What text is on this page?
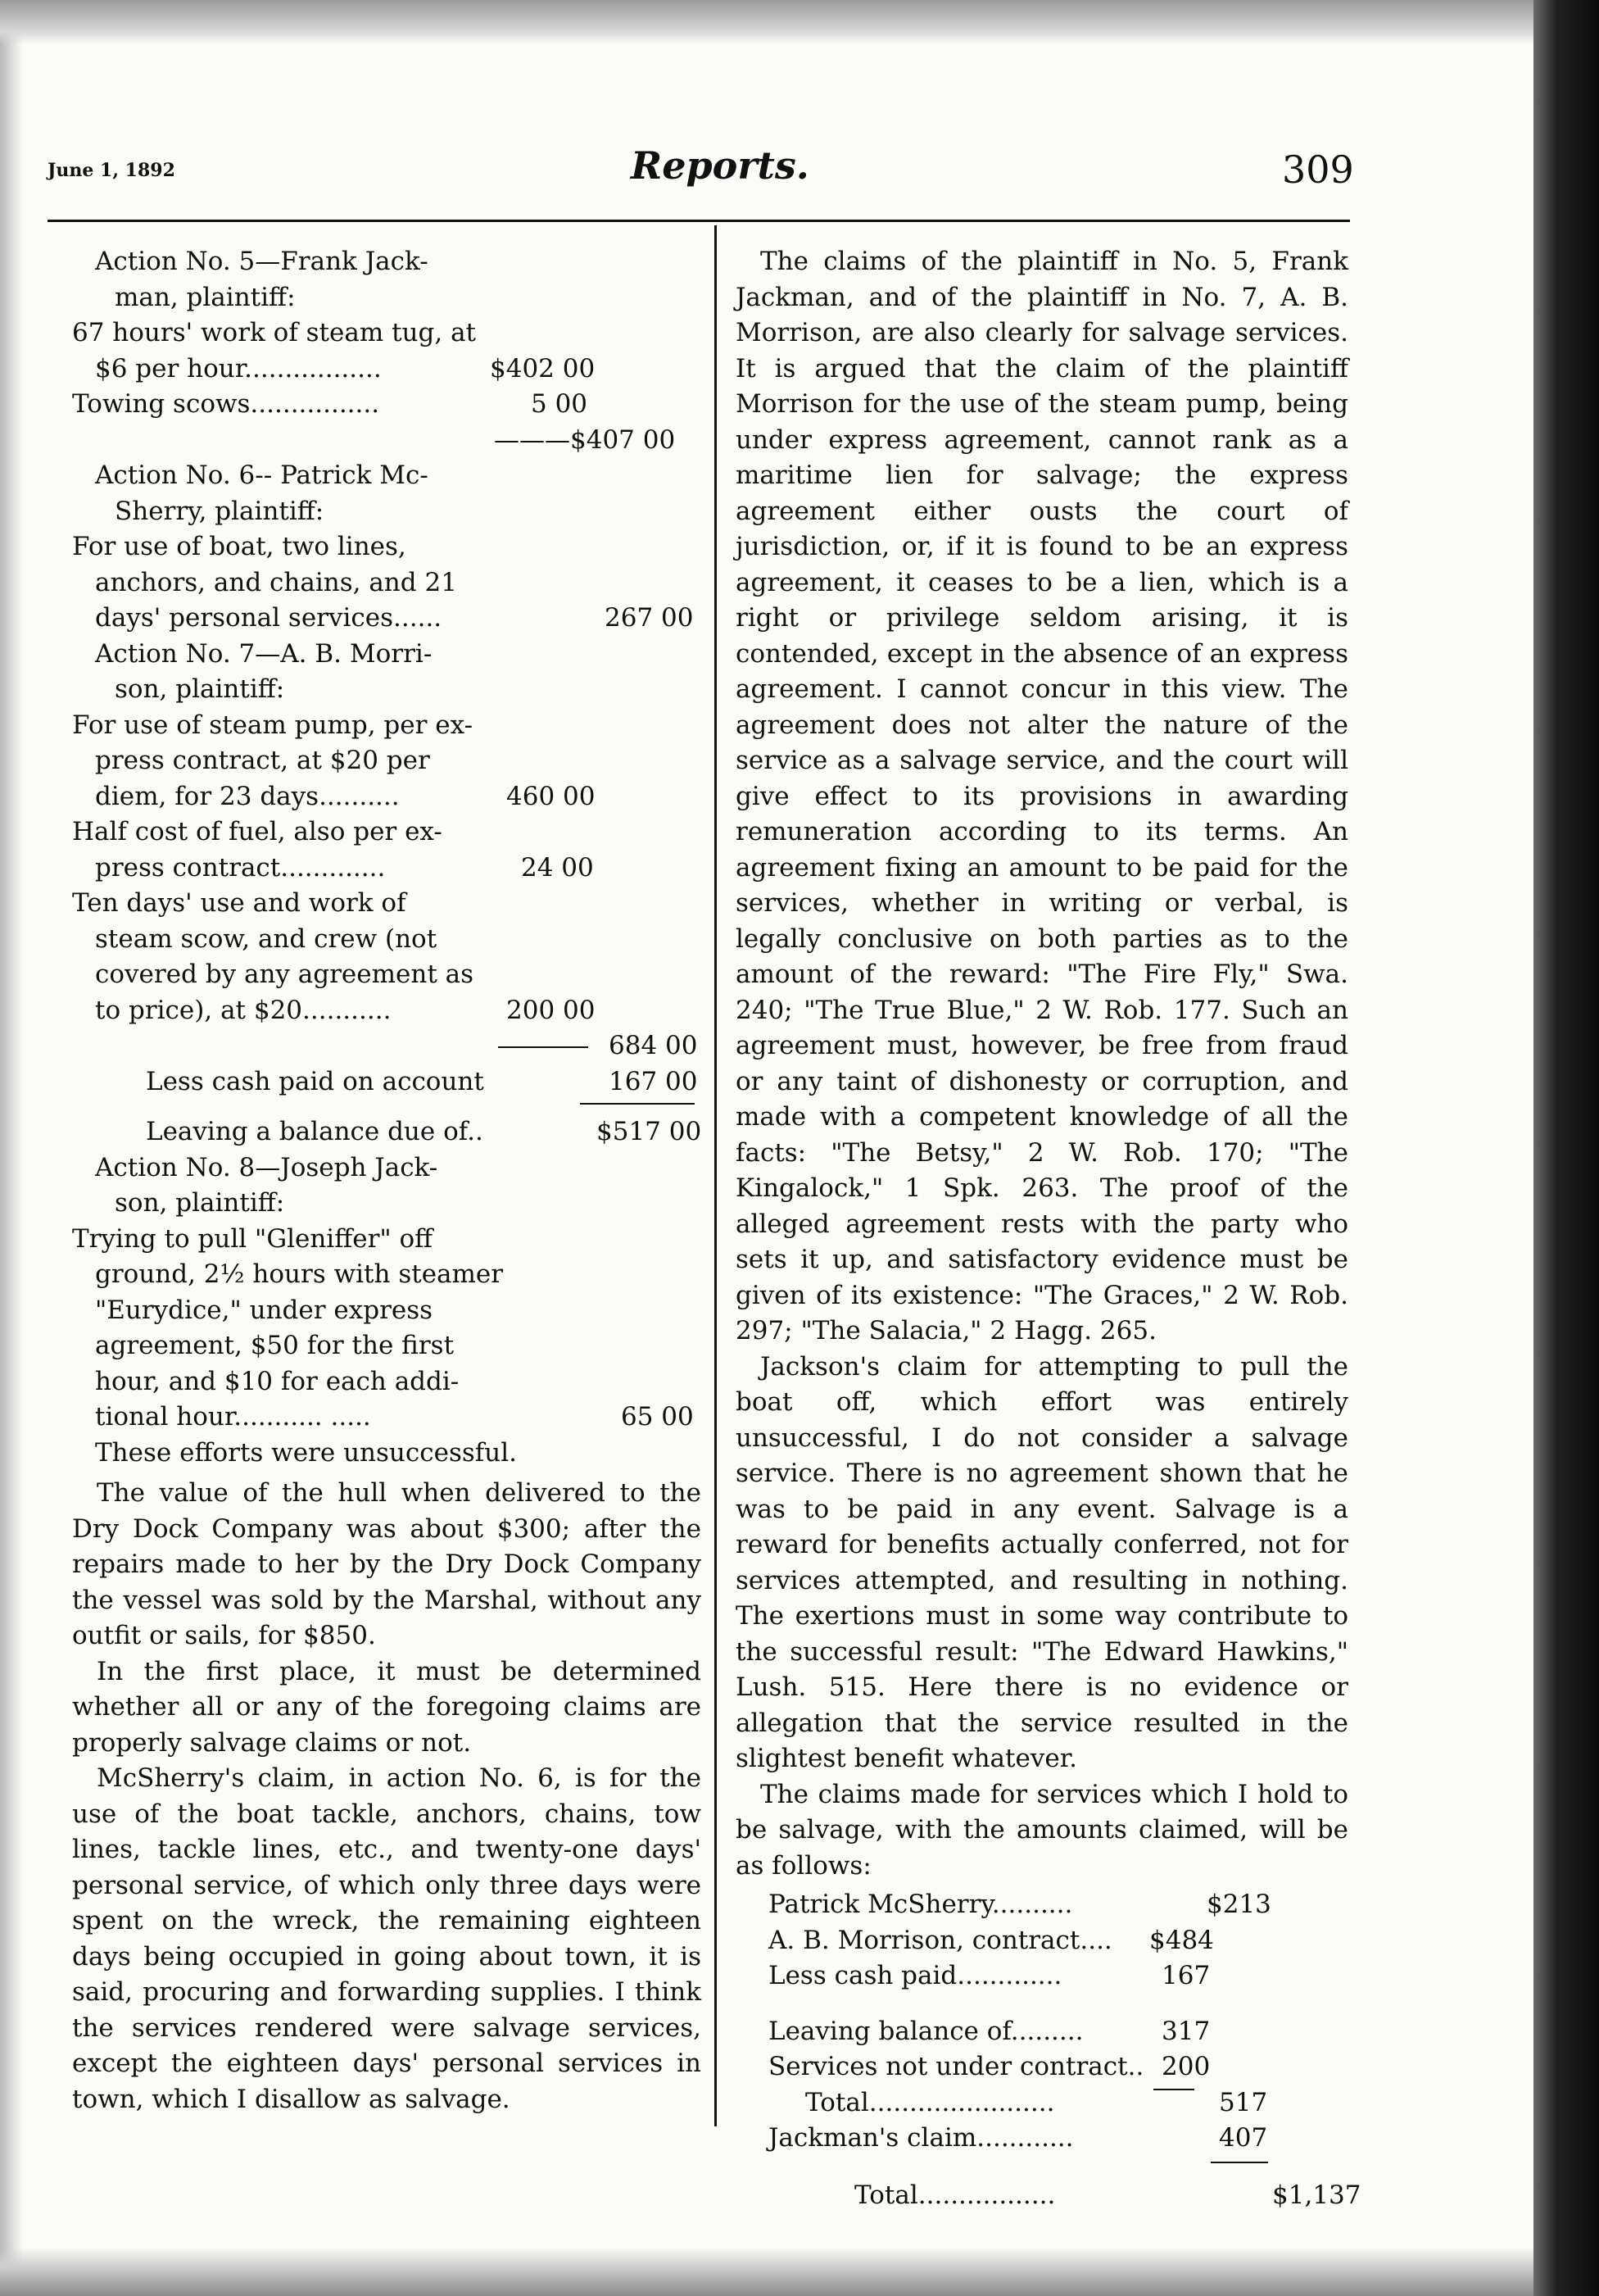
June 1, 1892	Reports.	309
Action No. 5—Frank Jack-
man, plaintiff:
67 hours' work of steam tug, at
$6 per hour.................	$402 00
Towing scows................	5 00
———$407 00
Action No. 6-- Patrick Mc-
Sherry, plaintiff:
For use of boat, two lines,
anchors, and chains, and 21
days' personal services......	267 00
Action No. 7—A. B. Morri-
son, plaintiff:
For use of steam pump, per ex-
press contract, at $20 per
diem, for 23 days..........	460 00
Half cost of fuel, also per ex-
press contract.............	24 00
Ten days' use and work of
steam scow, and crew (not
covered by any agreement as
to price), at $20...........	200 00
684 00
Less cash paid on account	167 00
Leaving a balance due of..	$517 00
Action No. 8—Joseph Jack-
son, plaintiff:
Trying to pull "Gleniffer" off
ground, 2½ hours with steamer
"Eurydice," under express
agreement, $50 for the first
hour, and $10 for each addi-
tional hour........... .....	65 00
These efforts were unsuccessful.

The value of the hull when delivered to the Dry Dock Company was about $300; after the repairs made to her by the Dry Dock Company the vessel was sold by the Marshal, without any outfit or sails, for $850.

In the first place, it must be determined whether all or any of the foregoing claims are properly salvage claims or not.

McSherry's claim, in action No. 6, is for the use of the boat tackle, anchors, chains, tow lines, tackle lines, etc., and twenty-one days' personal service, of which only three days were spent on the wreck, the remaining eighteen days being occupied in going about town, it is said, procuring and forwarding supplies. I think the services rendered were salvage services, except the eighteen days' personal services in town, which I disallow as salvage.

The claims of the plaintiff in No. 5, Frank Jackman, and of the plaintiff in No. 7, A. B. Morrison, are also clearly for salvage services. It is argued that the claim of the plaintiff Morrison for the use of the steam pump, being under express agreement, cannot rank as a maritime lien for salvage; the express agreement either ousts the court of jurisdiction, or, if it is found to be an express agreement, it ceases to be a lien, which is a right or privilege seldom arising, it is contended, except in the absence of an express agreement. I cannot concur in this view. The agreement does not alter the nature of the service as a salvage service, and the court will give effect to its provisions in awarding remuneration according to its terms. An agreement fixing an amount to be paid for the services, whether in writing or verbal, is legally conclusive on both parties as to the amount of the reward: "The Fire Fly," Swa. 240; "The True Blue," 2 W. Rob. 177. Such an agreement must, however, be free from fraud or any taint of dishonesty or corruption, and made with a competent knowledge of all the facts: "The Betsy," 2 W. Rob. 170; "The Kingalock," 1 Spk. 263. The proof of the alleged agreement rests with the party who sets it up, and satisfactory evidence must be given of its existence: "The Graces," 2 W. Rob. 297; "The Salacia," 2 Hagg. 265.

Jackson's claim for attempting to pull the boat off, which effort was entirely unsuccessful, I do not consider a salvage service. There is no agreement shown that he was to be paid in any event. Salvage is a reward for benefits actually conferred, not for services attempted, and resulting in nothing. The exertions must in some way contribute to the successful result: "The Edward Hawkins," Lush. 515. Here there is no evidence or allegation that the service resulted in the slightest benefit whatever.

The claims made for services which I hold to be salvage, with the amounts claimed, will be as follows:

Patrick McSherry..........	$213
A. B. Morrison, contract.... $484
Less cash paid.............	167
Leaving balance of.........	317
Services not under contract.. 200
Total.......................	517
Jackman's claim............	407
Total.................	$1,137
